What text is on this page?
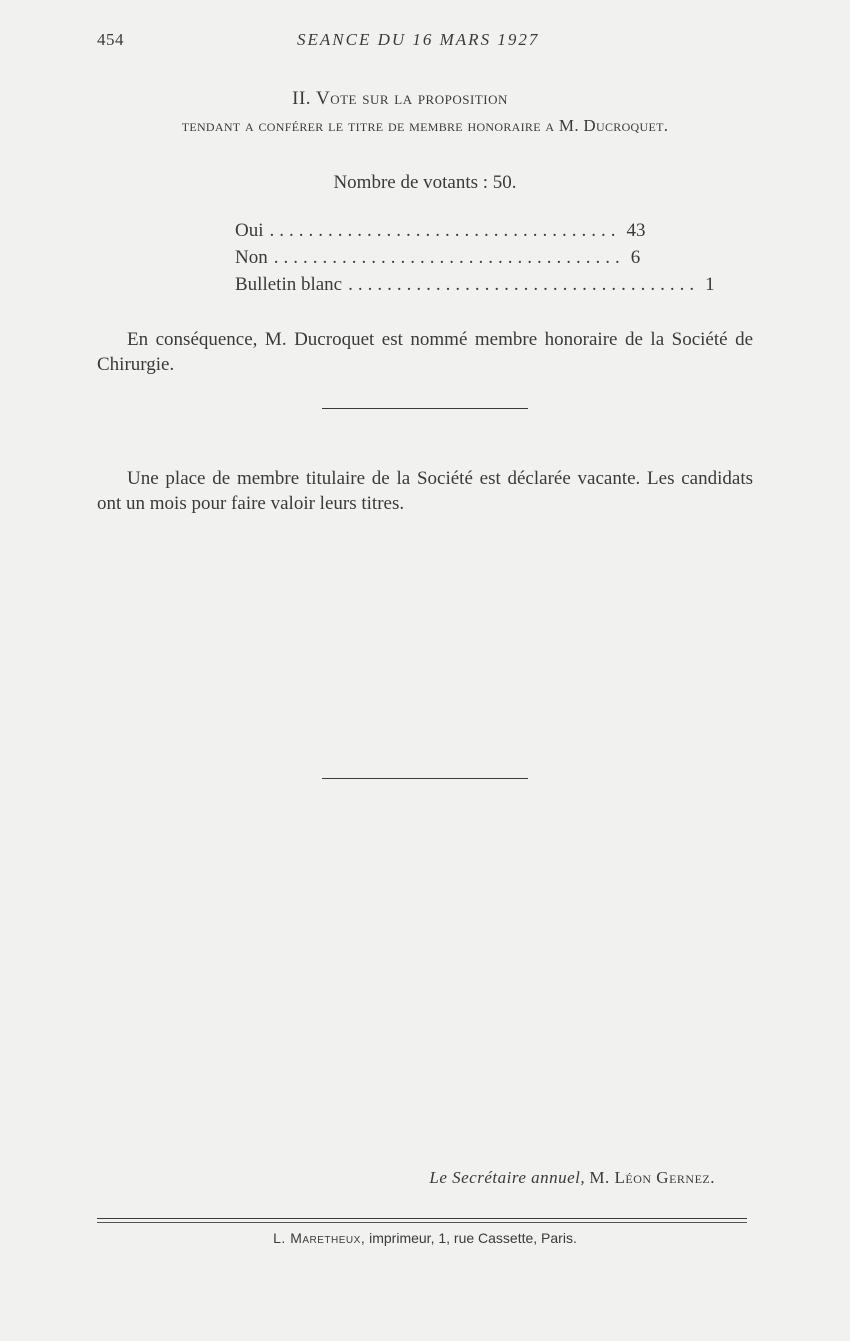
454	SEANCE DU 16 MARS 1927
II. Vote sur la proposition
tendant a conférer le titre de membre honoraire a M. Ducroquet.
Nombre de votants : 50.
Oui .................................... 43
Non .................................... 6
Bulletin blanc .................................... 1
En conséquence, M. Ducroquet est nommé membre honoraire de la Société de Chirurgie.
Une place de membre titulaire de la Société est déclarée vacante. Les candidats ont un mois pour faire valoir leurs titres.
Le Secrétaire annuel, M. Léon Gernez.
L. Maretheux, imprimeur, 1, rue Cassette, Paris.
